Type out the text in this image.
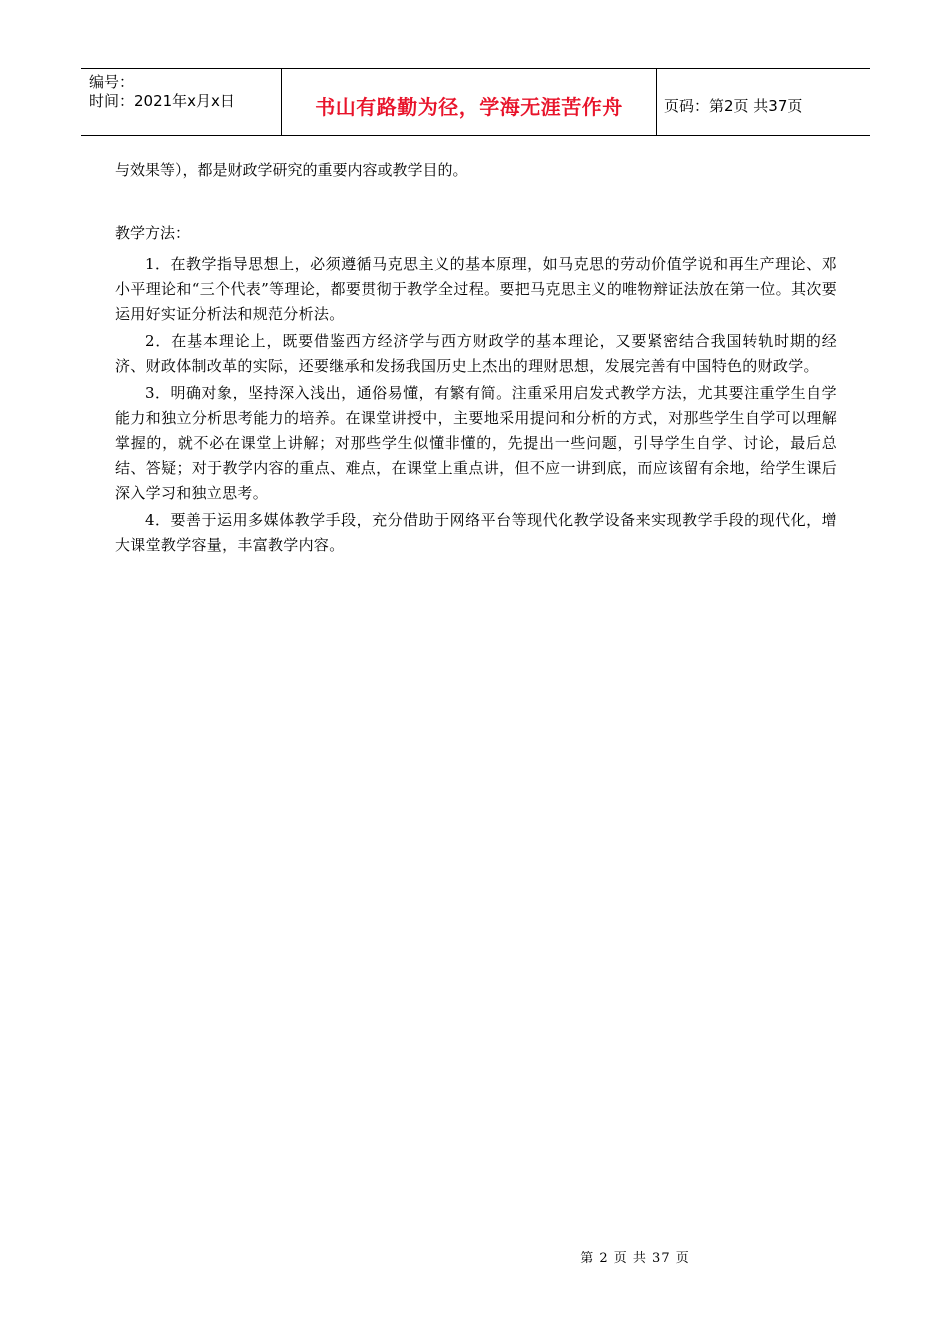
编号：
时间：2021年x月x日	书山有路勤为径，学海无涯苦作舟	页码：第2页 共37页

与效果等），都是财政学研究的重要内容或教学目的。

教学方法：

1．在教学指导思想上，必须遵循马克思主义的基本原理，如马克思的劳动价值学说和再生产理论、邓小平理论和“三个代表”等理论，都要贯彻于教学全过程。要把马克思主义的唯物辩证法放在第一位。其次要运用好实证分析法和规范分析法。

2．在基本理论上，既要借鉴西方经济学与西方财政学的基本理论，又要紧密结合我国转轨时期的经济、财政体制改革的实际，还要继承和发扬我国历史上杰出的理财思想，发展完善有中国特色的财政学。

3．明确对象，坚持深入浅出，通俗易懂，有繁有简。注重采用启发式教学方法，尤其要注重学生自学能力和独立分析思考能力的培养。在课堂讲授中，主要地采用提问和分析的方式，对那些学生自学可以理解掌握的，就不必在课堂上讲解；对那些学生似懂非懂的，先提出一些问题，引导学生自学、讨论，最后总结、答疑；对于教学内容的重点、难点，在课堂上重点讲，但不应一讲到底，而应该留有余地，给学生课后深入学习和独立思考。

4．要善于运用多媒体教学手段，充分借助于网络平台等现代化教学设备来实现教学手段的现代化，增大课堂教学容量，丰富教学内容。

第 2 页 共 37 页
